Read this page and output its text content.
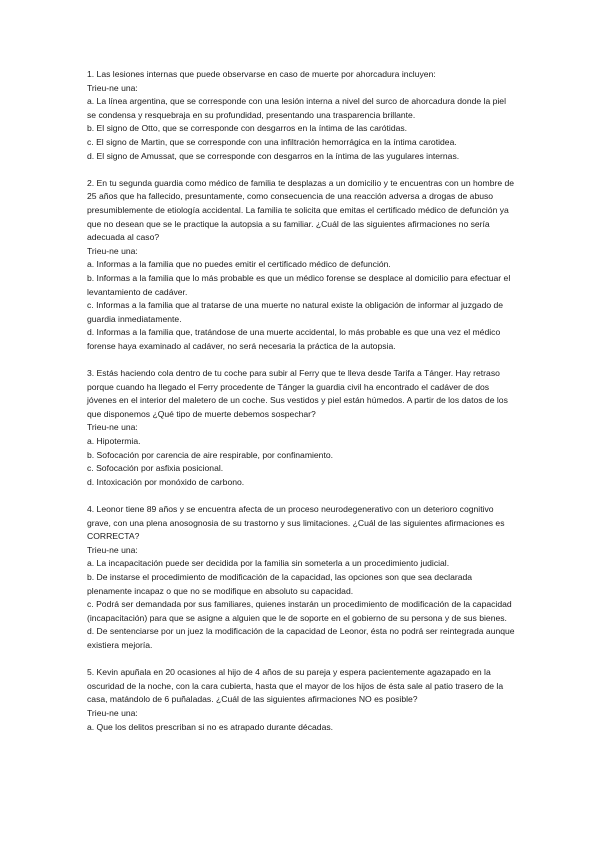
1. Las lesiones internas que puede observarse en caso de muerte por ahorcadura incluyen:

Trieu-ne una:

a. La línea argentina, que se corresponde con una lesión interna a nivel del surco de ahorcadura donde la piel se condensa y resquebraja en su profundidad, presentando una trasparencia brillante.

b. El signo de Otto, que se corresponde con desgarros en la íntima de las carótidas.

c. El signo de Martin, que se corresponde con una infiltración hemorrágica en la íntima carotidea.

d. El signo de Amussat, que se corresponde con desgarros en la íntima de las yugulares internas.

2. En tu segunda guardia como médico de familia te desplazas a un domicilio y te encuentras con un hombre de 25 años que ha fallecido, presuntamente, como consecuencia de una reacción adversa a drogas de abuso presumiblemente de etiología accidental. La familia te solicita que emitas el certificado médico de defunción ya que no desean que se le practique la autopsia a su familiar. ¿Cuál de las siguientes afirmaciones no sería adecuada al caso?

Trieu-ne una:

a. Informas a la familia que no puedes emitir el certificado médico de defunción.

b. Informas a la familia que lo más probable es que un médico forense se desplace al domicilio para efectuar el levantamiento de cadáver.

c. Informas a la familia que al tratarse de una muerte no natural existe la obligación de informar al juzgado de guardia inmediatamente.

d. Informas a la familia que, tratándose de una muerte accidental, lo más probable es que una vez el médico forense haya examinado al cadáver, no será necesaria la práctica de la autopsia.

3. Estás haciendo cola dentro de tu coche para subir al Ferry que te lleva desde Tarifa a Tánger. Hay retraso porque cuando ha llegado el Ferry procedente de Tánger la guardia civil ha encontrado el cadáver de dos jóvenes en el interior del maletero de un coche. Sus vestidos y piel están húmedos. A partir de los datos de los que disponemos ¿Qué tipo de muerte debemos sospechar?

Trieu-ne una:

a. Hipotermia.

b. Sofocación por carencia de aire respirable, por confinamiento.

c. Sofocación por asfixia posicional.

d. Intoxicación por monóxido de carbono.

4. Leonor tiene 89 años y se encuentra afecta de un proceso neurodegenerativo con un deterioro cognitivo grave, con una plena anosognosia de su trastorno y sus limitaciones. ¿Cuál de las siguientes afirmaciones es CORRECTA?

Trieu-ne una:

a. La incapacitación puede ser decidida por la familia sin someterla a un procedimiento judicial.

b. De instarse el procedimiento de modificación de la capacidad, las opciones son que sea declarada plenamente incapaz o que no se modifique en absoluto su capacidad.

c. Podrá ser demandada por sus familiares, quienes instarán un procedimiento de modificación de la capacidad (incapacitación) para que se asigne a alguien que le de soporte en el gobierno de su persona y de sus bienes.

d. De sentenciarse por un juez la modificación de la capacidad de Leonor, ésta no podrá ser reintegrada aunque existiera mejoría.

5. Kevin apuñala en 20 ocasiones al hijo de 4 años de su pareja y espera pacientemente agazapado en la oscuridad de la noche, con la cara cubierta, hasta que el mayor de los hijos de ésta sale al patio trasero de la casa, matándolo de 6 puñaladas. ¿Cuál de las siguientes afirmaciones NO es posible?

Trieu-ne una:

a. Que los delitos prescriban si no es atrapado durante décadas.
